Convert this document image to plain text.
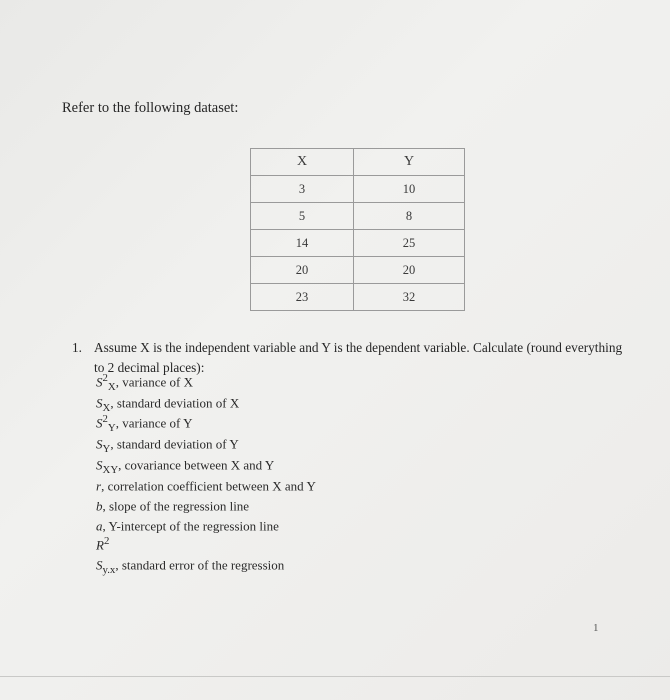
Refer to the following dataset:
X	Y
3	10
5	8
14	25
20	20
23	32
1. Assume X is the independent variable and Y is the dependent variable. Calculate (round everything to 2 decimal places):
$S^2_X$, variance of X
$S_X$, standard deviation of X
$S^2_Y$, variance of Y
$S_Y$, standard deviation of Y
$S_{XY}$, covariance between X and Y
r, correlation coefficient between X and Y
b, slope of the regression line
a, Y-intercept of the regression line
$R^2$
$S_{y.x}$, standard error of the regression
1
